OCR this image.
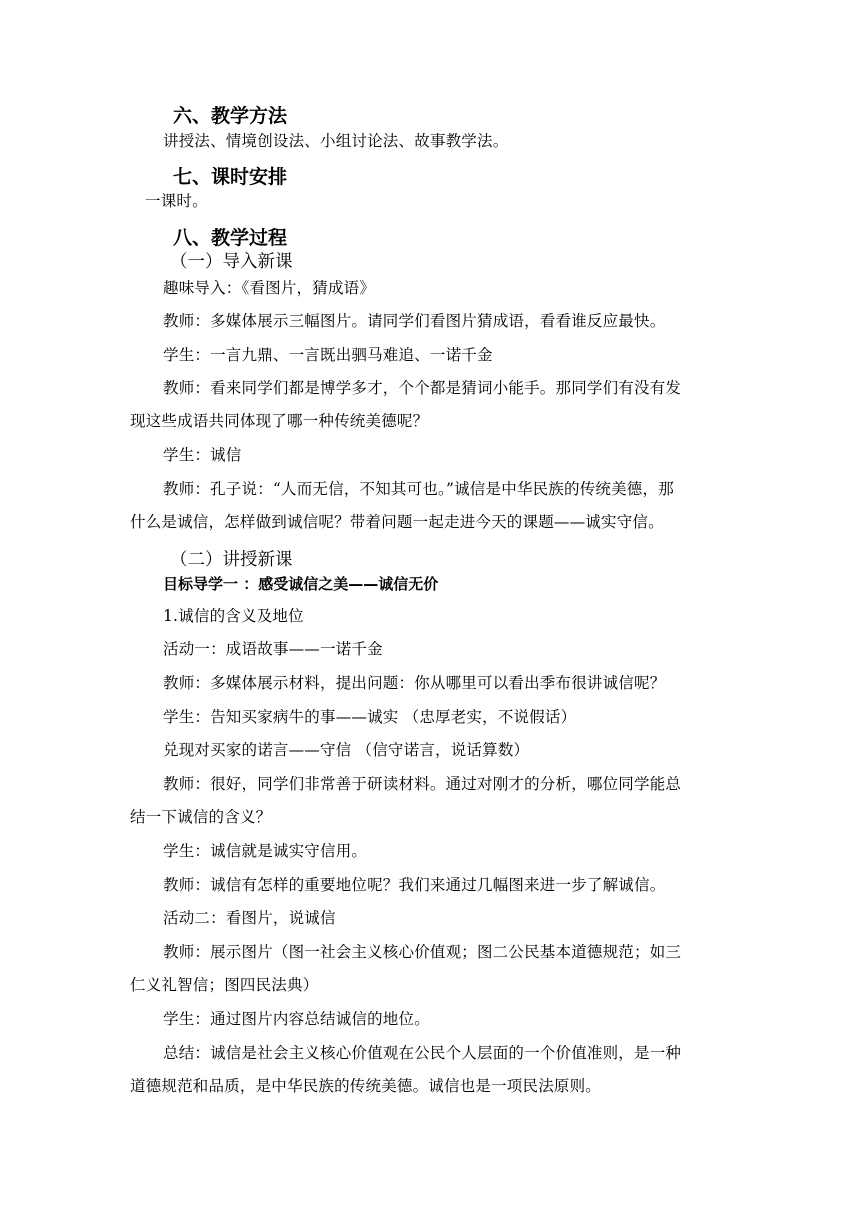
六、教学方法
讲授法、情境创设法、小组讨论法、故事教学法。
七、课时安排
一课时。
八、教学过程
（一）导入新课
趣味导入：《看图片，猜成语》
教师：多媒体展示三幅图片。请同学们看图片猜成语，看看谁反应最快。
学生：一言九鼎、一言既出驷马难追、一诺千金
教师：看来同学们都是博学多才，个个都是猜词小能手。那同学们有没有发
现这些成语共同体现了哪一种传统美德呢？
学生：诚信
教师：孔子说：“人而无信，不知其可也。”诚信是中华民族的传统美德，那
什么是诚信，怎样做到诚信呢？带着问题一起走进今天的课题——诚实守信。
（二）讲授新课
目标导学一 ：感受诚信之美——诚信无价
1.诚信的含义及地位
活动一：成语故事——一诺千金
教师：多媒体展示材料，提出问题：你从哪里可以看出季布很讲诚信呢？
学生：告知买家病牛的事——诚实 （忠厚老实，不说假话）
兑现对买家的诺言——守信 （信守诺言，说话算数）
教师：很好，同学们非常善于研读材料。通过对刚才的分析，哪位同学能总
结一下诚信的含义？
学生：诚信就是诚实守信用。
教师：诚信有怎样的重要地位呢？我们来通过几幅图来进一步了解诚信。
活动二：看图片，说诚信
教师：展示图片（图一社会主义核心价值观；图二公民基本道德规范；如三
仁义礼智信；图四民法典）
学生：通过图片内容总结诚信的地位。
总结：诚信是社会主义核心价值观在公民个人层面的一个价值准则，是一种
道德规范和品质，是中华民族的传统美德。诚信也是一项民法原则。
